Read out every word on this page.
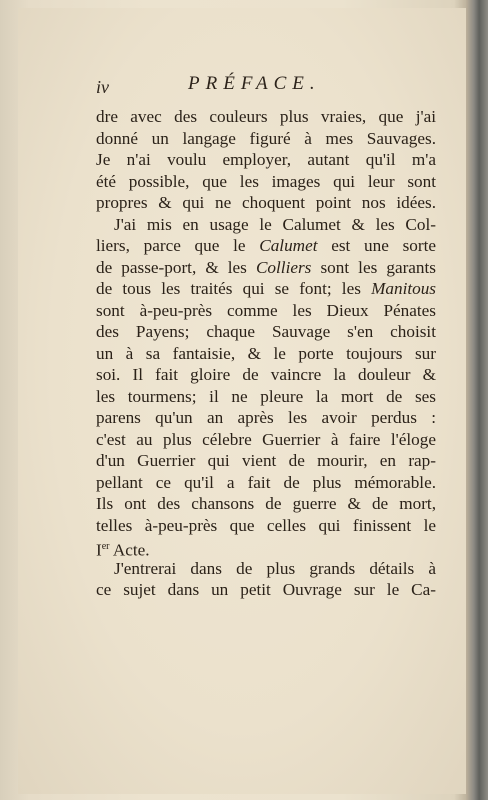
iv	PRÉFACE.
dre avec des couleurs plus vraies, que j'ai
donné un langage figuré à mes Sauvages.
Je n'ai voulu employer, autant qu'il m'a
été possible, que les images qui leur sont
propres & qui ne choquent point nos idées.
J'ai mis en usage le Calumet & les Col-
liers, parce que le Calumet est une sorte
de passe-port, & les Colliers sont les garants
de tous les traités qui se font; les Manitous
sont à-peu-près comme les Dieux Pénates
des Payens; chaque Sauvage s'en choisit
un à sa fantaisie, & le porte toujours sur
soi. Il fait gloire de vaincre la douleur &
les tourmens; il ne pleure la mort de ses
parens qu'un an après les avoir perdus :
c'est au plus célebre Guerrier à faire l'éloge
d'un Guerrier qui vient de mourir, en rap-
pellant ce qu'il a fait de plus mémorable.
Ils ont des chansons de guerre & de mort,
telles à-peu-près que celles qui finissent le
Ier Acte.
J'entrerai dans de plus grands détails à
ce sujet dans un petit Ouvrage sur le Ca-
